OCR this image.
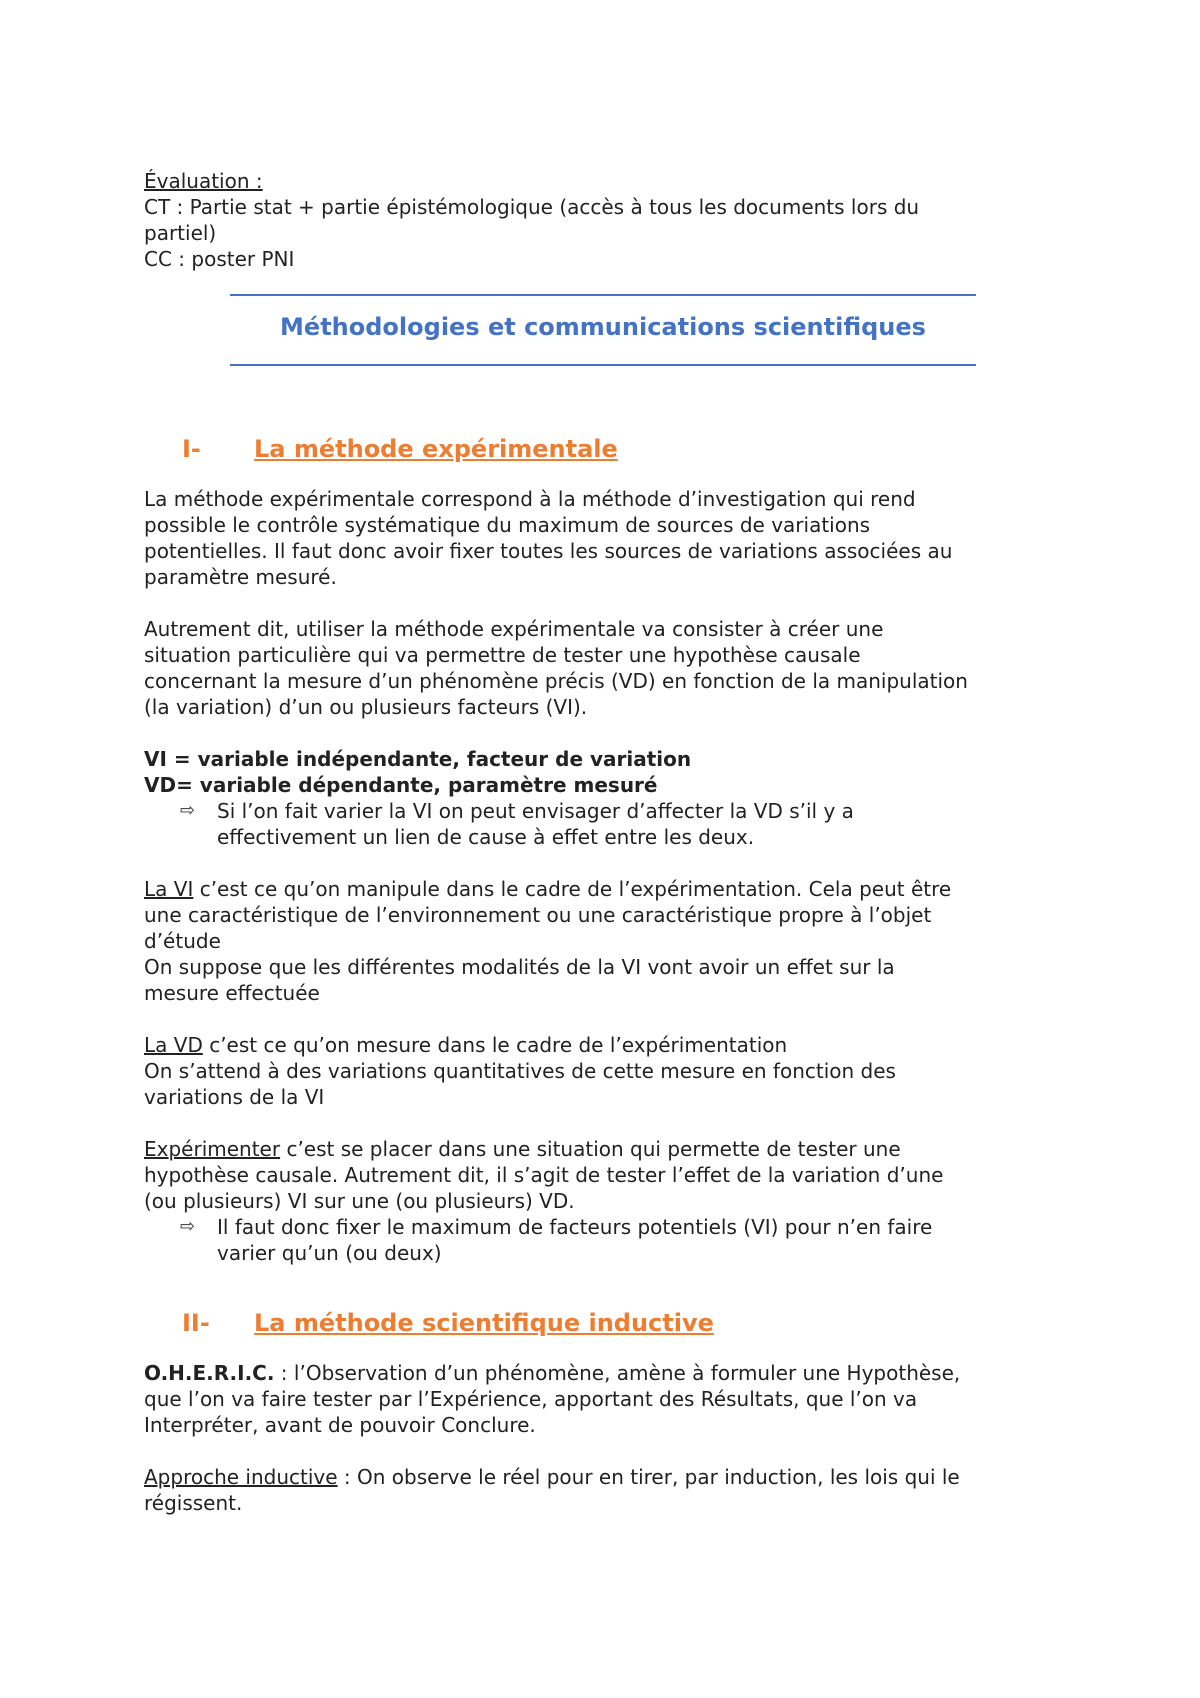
Évaluation :

CT : Partie stat + partie épistémologique (accès à tous les documents lors du

partiel)

CC : poster PNI

Méthodologies et communications scientifiques
I-	La méthode expérimentale

La méthode expérimentale correspond à la méthode d’investigation qui rend

possible le contrôle systématique du maximum de sources de variations

potentielles. Il faut donc avoir fixer toutes les sources de variations associées au

paramètre mesuré.

Autrement dit, utiliser la méthode expérimentale va consister à créer une

situation particulière qui va permettre de tester une hypothèse causale

concernant la mesure d’un phénomène précis (VD) en fonction de la manipulation

(la variation) d’un ou plusieurs facteurs (VI).

VI = variable indépendante, facteur de variation

VD= variable dépendante, paramètre mesuré

⇨	Si l’on fait varier la VI on peut envisager d’affecter la VD s’il y a

effectivement un lien de cause à effet entre les deux.

La VI c’est ce qu’on manipule dans le cadre de l’expérimentation. Cela peut être

une caractéristique de l’environnement ou une caractéristique propre à l’objet

d’étude

On suppose que les différentes modalités de la VI vont avoir un effet sur la

mesure effectuée

La VD c’est ce qu’on mesure dans le cadre de l’expérimentation

On s’attend à des variations quantitatives de cette mesure en fonction des

variations de la VI

Expérimenter c’est se placer dans une situation qui permette de tester une

hypothèse causale. Autrement dit, il s’agit de tester l’effet de la variation d’une

(ou plusieurs) VI sur une (ou plusieurs) VD.

⇨	Il faut donc fixer le maximum de facteurs potentiels (VI) pour n’en faire

varier qu’un (ou deux)

II-	La méthode scientifique inductive

O.H.E.R.I.C. : l’Observation d’un phénomène, amène à formuler une Hypothèse,

que l’on va faire tester par l’Expérience, apportant des Résultats, que l’on va

Interpréter, avant de pouvoir Conclure.

Approche inductive : On observe le réel pour en tirer, par induction, les lois qui le

régissent.
